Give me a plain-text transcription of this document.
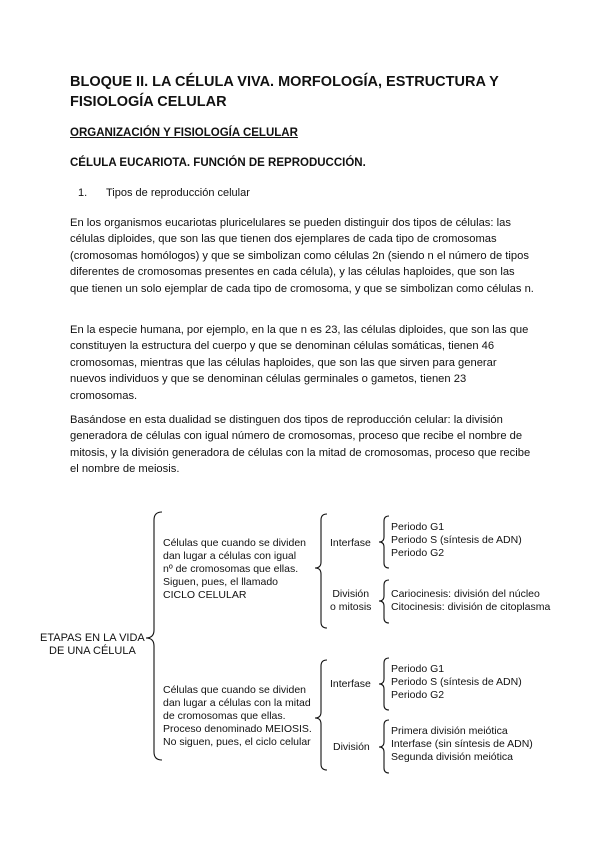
BLOQUE II. LA CÉLULA VIVA. MORFOLOGÍA, ESTRUCTURA Y
FISIOLOGÍA CELULAR
ORGANIZACIÓN Y FISIOLOGÍA CELULAR
CÉLULA EUCARIOTA. FUNCIÓN DE REPRODUCCIÓN.
1. Tipos de reproducción celular

En los organismos eucariotas pluricelulares se pueden distinguir dos tipos de células: las células diploides, que son las que tienen dos ejemplares de cada tipo de cromosomas (cromosomas homólogos) y que se simbolizan como células 2n (siendo n el número de tipos diferentes de cromosomas presentes en cada célula), y las células haploides, que son las que tienen un solo ejemplar de cada tipo de cromosoma, y que se simbolizan como células n.

En la especie humana, por ejemplo, en la que n es 23, las células diploides, que son las que constituyen la estructura del cuerpo y que se denominan células somáticas, tienen 46 cromosomas, mientras que las células haploides, que son las que sirven para generar nuevos individuos y que se denominan células germinales o gametos, tienen 23 cromosomas.

Basándose en esta dualidad se distinguen dos tipos de reproducción celular: la división generadora de células con igual número de cromosomas, proceso que recibe el nombre de mitosis, y la división generadora de células con la mitad de cromosomas, proceso que recibe el nombre de meiosis.

ETAPAS EN LA VIDA
DE UNA CÉLULA
Células que cuando se dividen
dan lugar a células con igual
nº de cromosomas que ellas.
Siguen, pues, el llamado
CICLO CELULAR
Interfase
Periodo G1
Periodo S (síntesis de ADN)
Periodo G2
División
o mitosis
Cariocinesis: división del núcleo
Citocinesis: división de citoplasma
Células que cuando se dividen
dan lugar a células con la mitad
de cromosomas que ellas.
Proceso denominado MEIOSIS.
No siguen, pues, el ciclo celular
Interfase
Periodo G1
Periodo S (síntesis de ADN)
Periodo G2
División
Primera división meiótica
Interfase (sin síntesis de ADN)
Segunda división meiótica
